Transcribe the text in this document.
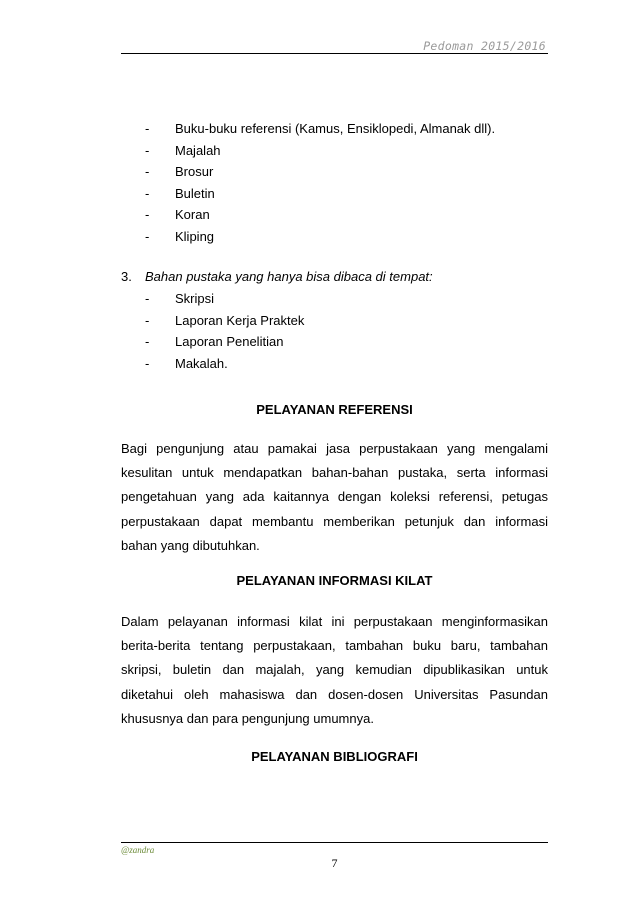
Pedoman 2015/2016
- Buku-buku referensi (Kamus, Ensiklopedi, Almanak dll).
- Majalah
- Brosur
- Buletin
- Koran
- Kliping
3. Bahan pustaka yang hanya bisa dibaca di tempat:
- Skripsi
- Laporan Kerja Praktek
- Laporan Penelitian
- Makalah.
PELAYANAN REFERENSI

Bagi pengunjung atau pamakai jasa perpustakaan yang mengalami kesulitan untuk mendapatkan bahan-bahan pustaka, serta informasi pengetahuan yang ada kaitannya dengan koleksi referensi, petugas perpustakaan dapat membantu memberikan petunjuk dan informasi bahan yang dibutuhkan.

PELAYANAN INFORMASI KILAT

Dalam pelayanan informasi kilat ini perpustakaan menginformasikan berita-berita tentang perpustakaan, tambahan buku baru, tambahan skripsi, buletin dan majalah, yang kemudian dipublikasikan untuk diketahui oleh mahasiswa dan dosen-dosen Universitas Pasundan khususnya dan para pengunjung umumnya.

PELAYANAN BIBLIOGRAFI
@zandra
7
